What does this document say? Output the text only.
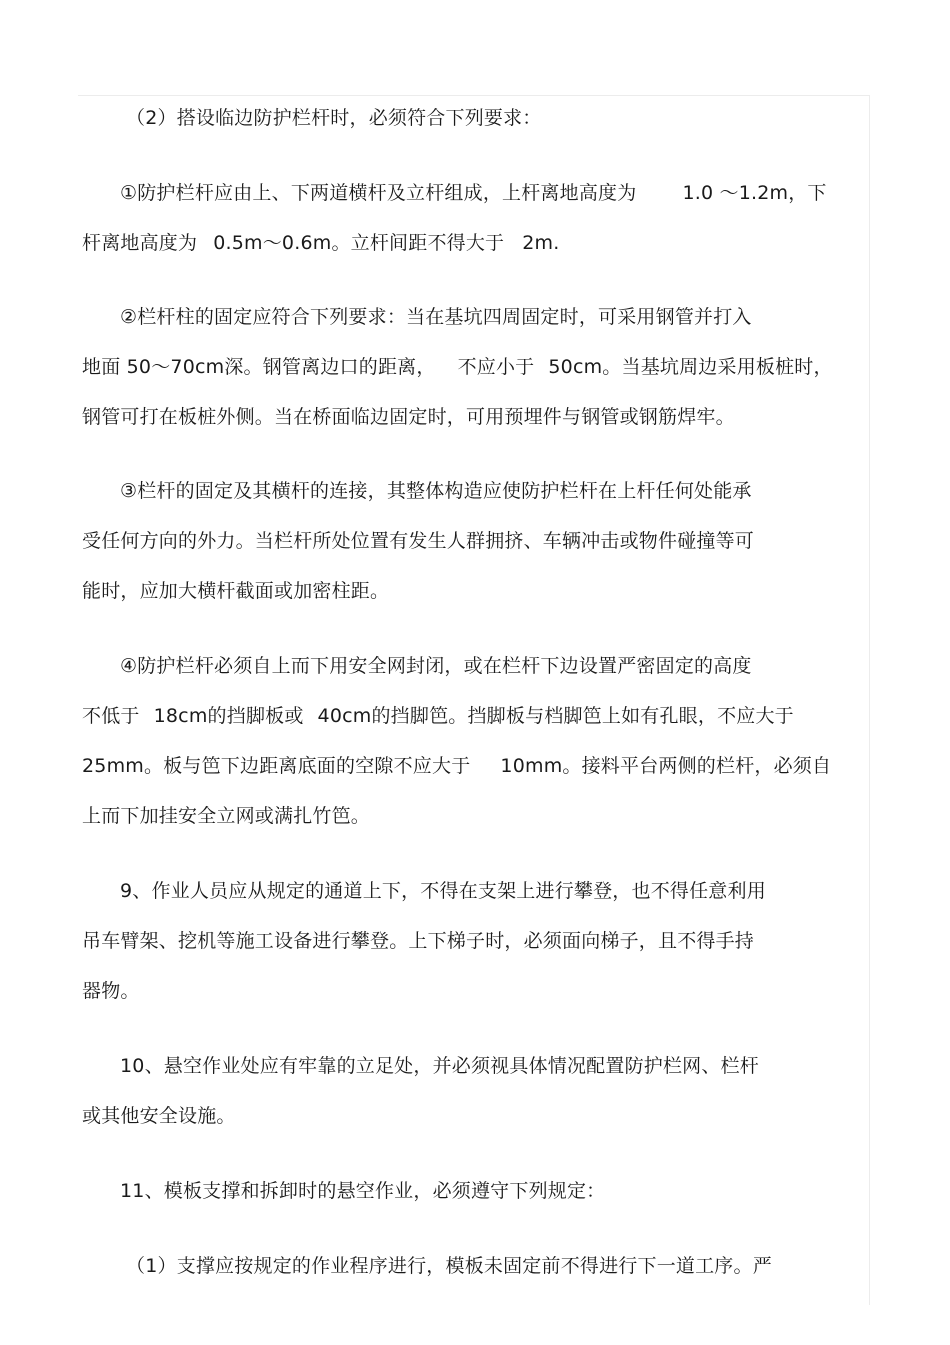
（2）搭设临边防护栏杆时，必须符合下列要求：
①防护栏杆应由上、下两道横杆及立杆组成，上杆离地高度为 1.0 ～1.2m，下
杆离地高度为 0.5m～0.6m。立杆间距不得大于 2m.
②栏杆柱的固定应符合下列要求：当在基坑四周固定时，可采用钢管并打入
地面 50～70cm深。钢管离边口的距离， 不应小于 50cm。当基坑周边采用板桩时，
钢管可打在板桩外侧。当在桥面临边固定时，可用预埋件与钢管或钢筋焊牢。
③栏杆的固定及其横杆的连接，其整体构造应使防护栏杆在上杆任何处能承
受任何方向的外力。当栏杆所处位置有发生人群拥挤、车辆冲击或物件碰撞等可
能时，应加大横杆截面或加密柱距。
④防护栏杆必须自上而下用安全网封闭，或在栏杆下边设置严密固定的高度
不低于 18cm的挡脚板或 40cm的挡脚笆。挡脚板与档脚笆上如有孔眼，不应大于
25mm。板与笆下边距离底面的空隙不应大于 10mm。接料平台两侧的栏杆，必须自
上而下加挂安全立网或满扎竹笆。
9、作业人员应从规定的通道上下，不得在支架上进行攀登，也不得任意利用
吊车臂架、挖机等施工设备进行攀登。上下梯子时，必须面向梯子，且不得手持
器物。
10、悬空作业处应有牢靠的立足处，并必须视具体情况配置防护栏网、栏杆
或其他安全设施。
11、模板支撑和拆卸时的悬空作业，必须遵守下列规定：
（1）支撑应按规定的作业程序进行，模板未固定前不得进行下一道工序。严
